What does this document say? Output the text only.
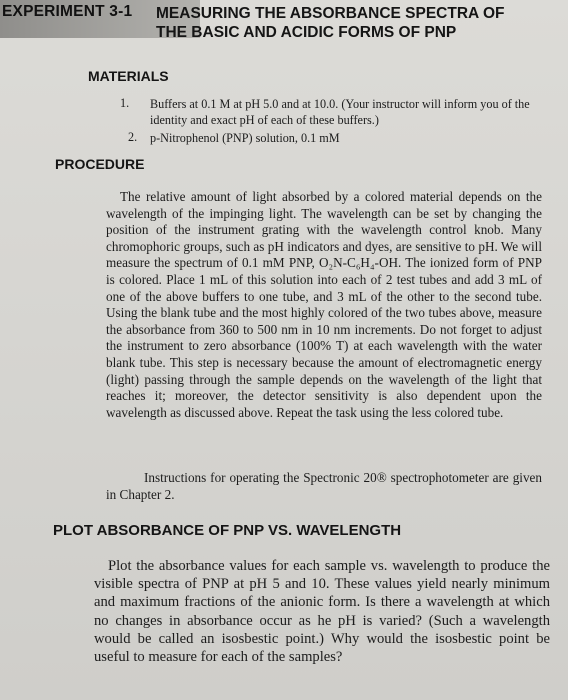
EXPERIMENT 3-1 MEASURING THE ABSORBANCE SPECTRA OF
THE BASIC AND ACIDIC FORMS OF PNP
MATERIALS
1. Buffers at 0.1 M at pH 5.0 and at 10.0. (Your instructor will inform you of the identity and exact pH of each of these buffers.)
2. p-Nitrophenol (PNP) solution, 0.1 mM
PROCEDURE
The relative amount of light absorbed by a colored material depends on the wavelength of the impinging light. The wavelength can be set by changing the position of the instrument grating with the wavelength control knob. Many chromophoric groups, such as pH indicators and dyes, are sensitive to pH. We will measure the spectrum of 0.1 mM PNP, O₂N-C₆H₄-OH. The ionized form of PNP is colored. Place 1 mL of this solution into each of 2 test tubes and add 3 mL of one of the above buffers to one tube, and 3 mL of the other to the second tube. Using the blank tube and the most highly colored of the two tubes above, measure the absorbance from 360 to 500 nm in 10 nm increments. Do not forget to adjust the instrument to zero absorbance (100% T) at each wavelength with the water blank tube. This step is necessary because the amount of electromagnetic energy (light) passing through the sample depends on the wavelength of the light that reaches it; moreover, the detector sensitivity is also dependent upon the wavelength as discussed above. Repeat the task using the less colored tube.
Instructions for operating the Spectronic 20® spectrophotometer are given in Chapter 2.
PLOT ABSORBANCE OF PNP VS. WAVELENGTH
Plot the absorbance values for each sample vs. wavelength to produce the visible spectra of PNP at pH 5 and 10. These values yield nearly minimum and maximum fractions of the anionic form. Is there a wavelength at which no changes in absorbance occur as he pH is varied? (Such a wavelength would be called an isosbestic point.) Why would the isosbestic point be useful to measure for each of the samples?
